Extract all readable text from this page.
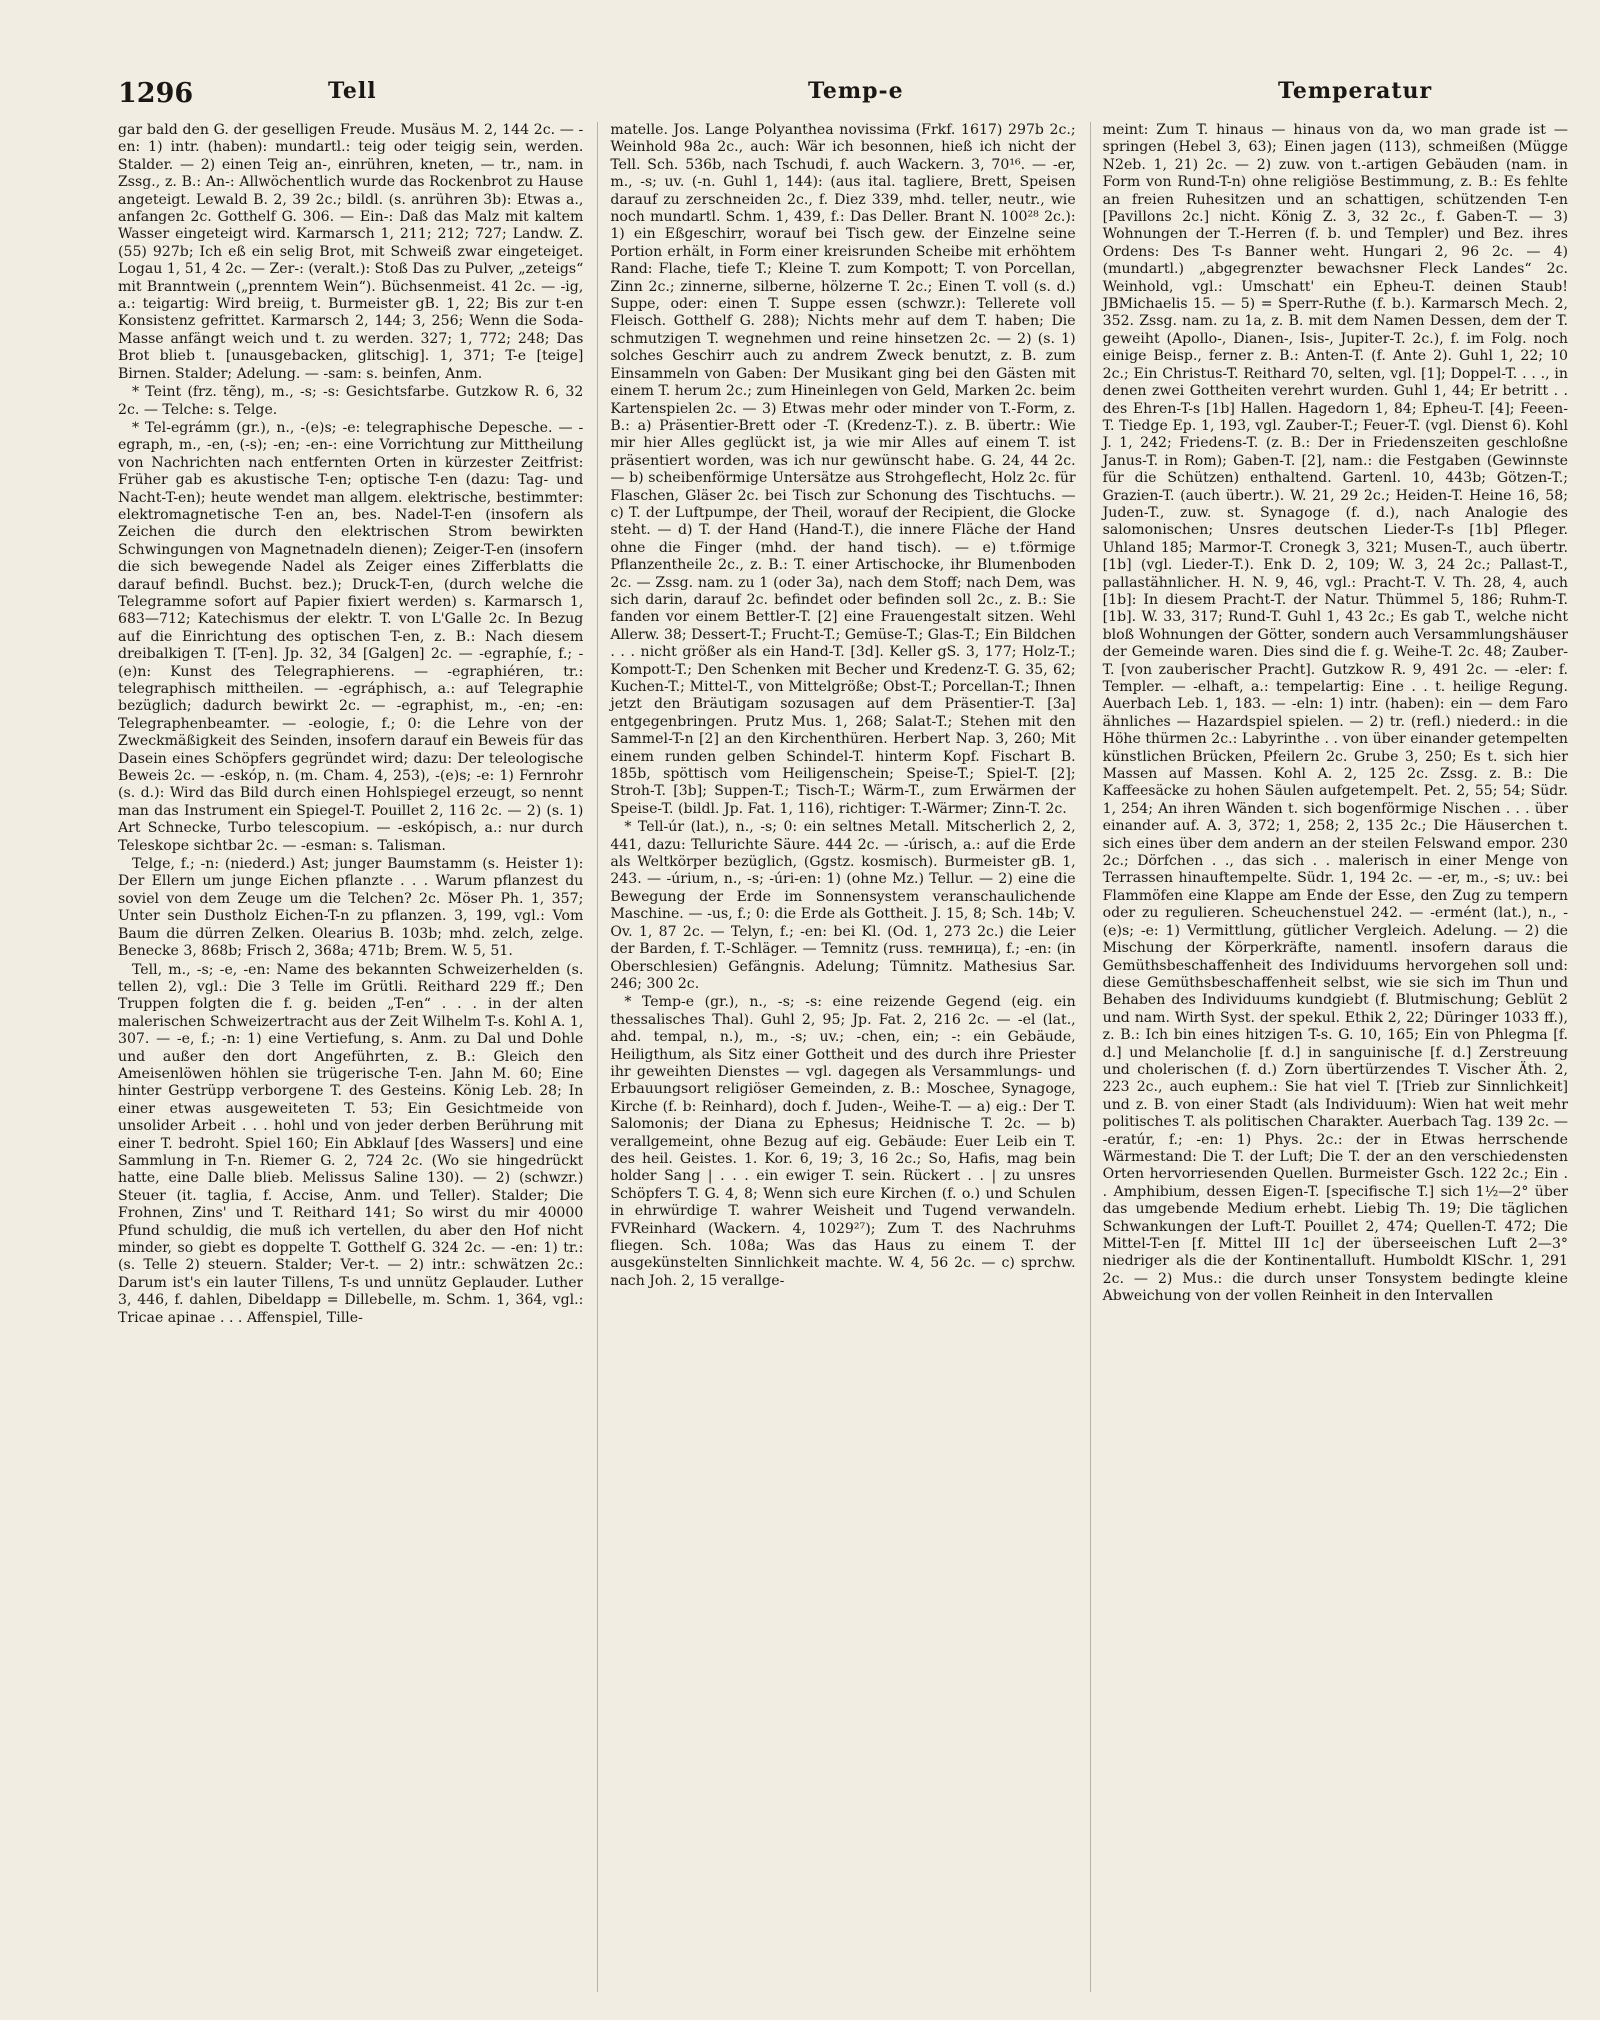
1296	Tell	Temp-e	Temperatur

gar bald den G. der geselligen Freude. Musäus M. 2, 144 2c. — -en: 1) intr. (haben): mundartl.: teig oder teigig sein, werden. Stalder. — 2) einen Teig an-, einrühren, kneten, — tr., nam. in Zssg., z. B.: An-: Allwöchentlich wurde das Rockenbrot zu Hause angeteigt. Lewald B. 2, 39 2c.; bildl. (s. anrühren 3b): Etwas a., anfangen 2c. Gotthelf G. 306. — Ein-: Daß das Malz mit kaltem Wasser eingeteigt wird. Karmarsch 1, 211; 212; 727; Landw. Z. (55) 927b; Ich eß ein selig Brot, mit Schweiß zwar eingeteiget. Logau 1, 51, 4 2c. — Zer-: (veralt.): Stoß Das zu Pulver, „zeteigs“ mit Branntwein („prenntem Wein“). Büchsenmeist. 41 2c. — -ig, a.: teigartig: Wird breiig, t. Burmeister gB. 1, 22; Bis zur t-en Konsistenz gefrittet. Karmarsch 2, 144; 3, 256; Wenn die Soda-Masse anfängt weich und t. zu werden. 327; 1, 772; 248; Das Brot blieb t. [unausgebacken, glitschig]. 1, 371; T-e [teige] Birnen. Stalder; Adelung. — -sam: s. beinfen, Anm.

* Teint (frz. tẽng), m., -s; -s: Gesichtsfarbe. Gutzkow R. 6, 32 2c. — Telche: s. Telge.

* Tel-egrámm (gr.), n., -(e)s; -e: telegraphische Depesche. — -egraph, m., -en, (-s); -en; -en-: eine Vorrichtung zur Mittheilung von Nachrichten nach entfernten Orten in kürzester Zeitfrist: Früher gab es akustische T-en; optische T-en (dazu: Tag- und Nacht-T-en); heute wendet man allgem. elektrische, bestimmter: elektromagnetische T-en an, bes. Nadel-T-en (insofern als Zeichen die durch den elektrischen Strom bewirkten Schwingungen von Magnetnadeln dienen); Zeiger-T-en (insofern die sich bewegende Nadel als Zeiger eines Zifferblatts die darauf befindl. Buchst. bez.); Druck-T-en, (durch welche die Telegramme sofort auf Papier fixiert werden) s. Karmarsch 1, 683—712; Katechismus der elektr. T. von L'Galle 2c. In Bezug auf die Einrichtung des optischen T-en, z. B.: Nach diesem dreibalkigen T. [T-en]. Jp. 32, 34 [Galgen] 2c. — -egraphíe, f.; -(e)n: Kunst des Telegraphierens. — -egraphiéren, tr.: telegraphisch mittheilen. — -egráphisch, a.: auf Telegraphie bezüglich; dadurch bewirkt 2c. — -egraphist, m., -en; -en: Telegraphenbeamter. — -eologie, f.; 0: die Lehre von der Zweckmäßigkeit des Seinden, insofern darauf ein Beweis für das Dasein eines Schöpfers gegründet wird; dazu: Der teleologische Beweis 2c. — -eskóp, n. (m. Cham. 4, 253), -(e)s; -e: 1) Fernrohr (s. d.): Wird das Bild durch einen Hohlspiegel erzeugt, so nennt man das Instrument ein Spiegel-T. Pouillet 2, 116 2c. — 2) (s. 1) Art Schnecke, Turbo telescopium. — -eskópisch, a.: nur durch Teleskope sichtbar 2c. — -esman: s. Talisman.

Telge, f.; -n: (niederd.) Ast; junger Baumstamm (s. Heister 1): Der Ellern um junge Eichen pflanzte . . . Warum pflanzest du soviel von dem Zeuge um die Telchen? 2c. Möser Ph. 1, 357; Unter sein Dustholz Eichen-T-n zu pflanzen. 3, 199, vgl.: Vom Baum die dürren Zelken. Olearius B. 103b; mhd. zelch, zelge. Benecke 3, 868b; Frisch 2, 368a; 471b; Brem. W. 5, 51.

Tell, m., -s; -e, -en: Name des bekannten Schweizerhelden (s. tellen 2), vgl.: Die 3 Telle im Grütli. Reithard 229 ff.; Den Truppen folgten die f. g. beiden „T-en“ . . . in der alten malerischen Schweizertracht aus der Zeit Wilhelm T-s. Kohl A. 1, 307. — -e, f.; -n: 1) eine Vertiefung, s. Anm. zu Dal und Dohle und außer den dort Angeführten, z. B.: Gleich den Ameisenlöwen höhlen sie trügerische T-en. Jahn M. 60; Eine hinter Gestrüpp verborgene T. des Gesteins. König Leb. 28; In einer etwas ausgeweiteten T. 53; Ein Gesichtmeide von unsolider Arbeit . . . hohl und von jeder derben Berührung mit einer T. bedroht. Spiel 160; Ein Abklauf [des Wassers] und eine Sammlung in T-n. Riemer G. 2, 724 2c. (Wo sie hingedrückt hatte, eine Dalle blieb. Melissus Saline 130). — 2) (schwzr.) Steuer (it. taglia, f. Accise, Anm. und Teller). Stalder; Die Frohnen, Zins' und T. Reithard 141; So wirst du mir 40000 Pfund schuldig, die muß ich vertellen, du aber den Hof nicht minder, so giebt es doppelte T. Gotthelf G. 324 2c. — -en: 1) tr.: (s. Telle 2) steuern. Stalder; Ver-t. — 2) intr.: schwätzen 2c.: Darum ist's ein lauter Tillens, T-s und unnütz Geplauder. Luther 3, 446, f. dahlen, Dibeldapp = Dillebelle, m. Schm. 1, 364, vgl.: Tricae apinae . . . Affenspiel, Tille-

matelle. Jos. Lange Polyanthea novissima (Frkf. 1617) 297b 2c.; Weinhold 98a 2c., auch: Wär ich besonnen, hieß ich nicht der Tell. Sch. 536b, nach Tschudi, f. auch Wackern. 3, 70¹⁶. — -er, m., -s; uv. (-n. Guhl 1, 144): (aus ital. tagliere, Brett, Speisen darauf zu zerschneiden 2c., f. Diez 339, mhd. teller, neutr., wie noch mundartl. Schm. 1, 439, f.: Das Deller. Brant N. 100²⁸ 2c.): 1) ein Eßgeschirr, worauf bei Tisch gew. der Einzelne seine Portion erhält, in Form einer kreisrunden Scheibe mit erhöhtem Rand: Flache, tiefe T.; Kleine T. zum Kompott; T. von Porcellan, Zinn 2c.; zinnerne, silberne, hölzerne T. 2c.; Einen T. voll (s. d.) Suppe, oder: einen T. Suppe essen (schwzr.): Tellerete voll Fleisch. Gotthelf G. 288); Nichts mehr auf dem T. haben; Die schmutzigen T. wegnehmen und reine hinsetzen 2c. — 2) (s. 1) solches Geschirr auch zu andrem Zweck benutzt, z. B. zum Einsammeln von Gaben: Der Musikant ging bei den Gästen mit einem T. herum 2c.; zum Hineinlegen von Geld, Marken 2c. beim Kartenspielen 2c. — 3) Etwas mehr oder minder von T.-Form, z. B.: a) Präsentier-Brett oder -T. (Kredenz-T.). z. B. übertr.: Wie mir hier Alles geglückt ist, ja wie mir Alles auf einem T. ist präsentiert worden, was ich nur gewünscht habe. G. 24, 44 2c. — b) scheibenförmige Untersätze aus Strohgeflecht, Holz 2c. für Flaschen, Gläser 2c. bei Tisch zur Schonung des Tischtuchs. — c) T. der Luftpumpe, der Theil, worauf der Recipient, die Glocke steht. — d) T. der Hand (Hand-T.), die innere Fläche der Hand ohne die Finger (mhd. der hand tisch). — e) t.förmige Pflanzentheile 2c., z. B.: T. einer Artischocke, ihr Blumenboden 2c. — Zssg. nam. zu 1 (oder 3a), nach dem Stoff; nach Dem, was sich darin, darauf 2c. befindet oder befinden soll 2c., z. B.: Sie fanden vor einem Bettler-T. [2] eine Frauengestalt sitzen. Wehl Allerw. 38; Dessert-T.; Frucht-T.; Gemüse-T.; Glas-T.; Ein Bildchen . . . nicht größer als ein Hand-T. [3d]. Keller gS. 3, 177; Holz-T.; Kompott-T.; Den Schenken mit Becher und Kredenz-T. G. 35, 62; Kuchen-T.; Mittel-T., von Mittelgröße; Obst-T.; Porcellan-T.; Ihnen jetzt den Bräutigam sozusagen auf dem Präsentier-T. [3a] entgegenbringen. Prutz Mus. 1, 268; Salat-T.; Stehen mit den Sammel-T-n [2] an den Kirchenthüren. Herbert Nap. 3, 260; Mit einem runden gelben Schindel-T. hinterm Kopf. Fischart B. 185b, spöttisch vom Heiligenschein; Speise-T.; Spiel-T. [2]; Stroh-T. [3b]; Suppen-T.; Tisch-T.; Wärm-T., zum Erwärmen der Speise-T. (bildl. Jp. Fat. 1, 116), richtiger: T.-Wärmer; Zinn-T. 2c.

* Tell-úr (lat.), n., -s; 0: ein seltnes Metall. Mitscherlich 2, 2, 441, dazu: Tellurichte Säure. 444 2c. — -úrisch, a.: auf die Erde als Weltkörper bezüglich, (Ggstz. kosmisch). Burmeister gB. 1, 243. — -úrium, n., -s; -úri-en: 1) (ohne Mz.) Tellur. — 2) eine die Bewegung der Erde im Sonnensystem veranschaulichende Maschine. — -us, f.; 0: die Erde als Gottheit. J. 15, 8; Sch. 14b; V. Ov. 1, 87 2c. — Telyn, f.; -en: bei Kl. (Od. 1, 273 2c.) die Leier der Barden, f. T.-Schläger. — Temnitz (russ. темница), f.; -en: (in Oberschlesien) Gefängnis. Adelung; Tümnitz. Mathesius Sar. 246; 300 2c.

* Temp-e (gr.), n., -s; -s: eine reizende Gegend (eig. ein thessalisches Thal). Guhl 2, 95; Jp. Fat. 2, 216 2c. — -el (lat., ahd. tempal, n.), m., -s; uv.; -chen, ein; -: ein Gebäude, Heiligthum, als Sitz einer Gottheit und des durch ihre Priester ihr geweihten Dienstes — vgl. dagegen als Versammlungs- und Erbauungsort religiöser Gemeinden, z. B.: Moschee, Synagoge, Kirche (f. b: Reinhard), doch f. Juden-, Weihe-T. — a) eig.: Der T. Salomonis; der Diana zu Ephesus; Heidnische T. 2c. — b) verallgemeint, ohne Bezug auf eig. Gebäude: Euer Leib ein T. des heil. Geistes. 1. Kor. 6, 19; 3, 16 2c.; So, Hafis, mag bein holder Sang | . . . ein ewiger T. sein. Rückert . . | zu unsres Schöpfers T. G. 4, 8; Wenn sich eure Kirchen (f. o.) und Schulen in ehrwürdige T. wahrer Weisheit und Tugend verwandeln. FVReinhard (Wackern. 4, 1029²⁷); Zum T. des Nachruhms fliegen. Sch. 108a; Was das Haus zu einem T. der ausgekünstelten Sinnlichkeit machte. W. 4, 56 2c. — c) sprchw. nach Joh. 2, 15 verallge-

meint: Zum T. hinaus — hinaus von da, wo man grade ist — springen (Hebel 3, 63); Einen jagen (113), schmeißen (Mügge N2eb. 1, 21) 2c. — 2) zuw. von t.-artigen Gebäuden (nam. in Form von Rund-T-n) ohne religiöse Bestimmung, z. B.: Es fehlte an freien Ruhesitzen und an schattigen, schützenden T-en [Pavillons 2c.] nicht. König Z. 3, 32 2c., f. Gaben-T. — 3) Wohnungen der T.-Herren (f. b. und Templer) und Bez. ihres Ordens: Des T-s Banner weht. Hungari 2, 96 2c. — 4) (mundartl.) „abgegrenzter bewachsner Fleck Landes“ 2c. Weinhold, vgl.: Umschatt' ein Epheu-T. deinen Staub! JBMichaelis 15. — 5) = Sperr-Ruthe (f. b.). Karmarsch Mech. 2, 352. Zssg. nam. zu 1a, z. B. mit dem Namen Dessen, dem der T. geweiht (Apollo-, Dianen-, Isis-, Jupiter-T. 2c.), f. im Folg. noch einige Beisp., ferner z. B.: Anten-T. (f. Ante 2). Guhl 1, 22; 10 2c.; Ein Christus-T. Reithard 70, selten, vgl. [1]; Doppel-T. . . ., in denen zwei Gottheiten verehrt wurden. Guhl 1, 44; Er betritt . . des Ehren-T-s [1b] Hallen. Hagedorn 1, 84; Epheu-T. [4]; Feeen-T. Tiedge Ep. 1, 193, vgl. Zauber-T.; Feuer-T. (vgl. Dienst 6). Kohl J. 1, 242; Friedens-T. (z. B.: Der in Friedenszeiten geschloßne Janus-T. in Rom); Gaben-T. [2], nam.: die Festgaben (Gewinnste für die Schützen) enthaltend. Gartenl. 10, 443b; Götzen-T.; Grazien-T. (auch übertr.). W. 21, 29 2c.; Heiden-T. Heine 16, 58; Juden-T., zuw. st. Synagoge (f. d.), nach Analogie des salomonischen; Unsres deutschen Lieder-T-s [1b] Pfleger. Uhland 185; Marmor-T. Cronegk 3, 321; Musen-T., auch übertr. [1b] (vgl. Lieder-T.). Enk D. 2, 109; W. 3, 24 2c.; Pallast-T., pallastähnlicher. H. N. 9, 46, vgl.: Pracht-T. V. Th. 28, 4, auch [1b]: In diesem Pracht-T. der Natur. Thümmel 5, 186; Ruhm-T. [1b]. W. 33, 317; Rund-T. Guhl 1, 43 2c.; Es gab T., welche nicht bloß Wohnungen der Götter, sondern auch Versammlungshäuser der Gemeinde waren. Dies sind die f. g. Weihe-T. 2c. 48; Zauber-T. [von zauberischer Pracht]. Gutzkow R. 9, 491 2c. — -eler: f. Templer. — -elhaft, a.: tempelartig: Eine . . t. heilige Regung. Auerbach Leb. 1, 183. — -eln: 1) intr. (haben): ein — dem Faro ähnliches — Hazardspiel spielen. — 2) tr. (refl.) niederd.: in die Höhe thürmen 2c.: Labyrinthe . . von über einander getempelten künstlichen Brücken, Pfeilern 2c. Grube 3, 250; Es t. sich hier Massen auf Massen. Kohl A. 2, 125 2c. Zssg. z. B.: Die Kaffeesäcke zu hohen Säulen aufgetempelt. Pet. 2, 55; 54; Südr. 1, 254; An ihren Wänden t. sich bogenförmige Nischen . . . über einander auf. A. 3, 372; 1, 258; 2, 135 2c.; Die Häuserchen t. sich eines über dem andern an der steilen Felswand empor. 230 2c.; Dörfchen . ., das sich . . malerisch in einer Menge von Terrassen hinauftempelte. Südr. 1, 194 2c. — -er, m., -s; uv.: bei Flammöfen eine Klappe am Ende der Esse, den Zug zu tempern oder zu regulieren. Scheuchenstuel 242. — -ermént (lat.), n., -(e)s; -e: 1) Vermittlung, gütlicher Vergleich. Adelung. — 2) die Mischung der Körperkräfte, namentl. insofern daraus die Gemüthsbeschaffenheit des Individuums hervorgehen soll und: diese Gemüthsbeschaffenheit selbst, wie sie sich im Thun und Behaben des Individuums kundgiebt (f. Blutmischung; Geblüt 2 und nam. Wirth Syst. der spekul. Ethik 2, 22; Düringer 1033 ff.), z. B.: Ich bin eines hitzigen T-s. G. 10, 165; Ein von Phlegma [f. d.] und Melancholie [f. d.] in sanguinische [f. d.] Zerstreuung und cholerischen (f. d.) Zorn übertürzendes T. Vischer Äth. 2, 223 2c., auch euphem.: Sie hat viel T. [Trieb zur Sinnlichkeit] und z. B. von einer Stadt (als Individuum): Wien hat weit mehr politisches T. als politischen Charakter. Auerbach Tag. 139 2c. — -eratúr, f.; -en: 1) Phys. 2c.: der in Etwas herrschende Wärmestand: Die T. der Luft; Die T. der an den verschiedensten Orten hervorriesenden Quellen. Burmeister Gsch. 122 2c.; Ein . . Amphibium, dessen Eigen-T. [specifische T.] sich 1½—2° über das umgebende Medium erhebt. Liebig Th. 19; Die täglichen Schwankungen der Luft-T. Pouillet 2, 474; Quellen-T. 472; Die Mittel-T-en [f. Mittel III 1c] der überseeischen Luft 2—3° niedriger als die der Kontinentalluft. Humboldt KlSchr. 1, 291 2c. — 2) Mus.: die durch unser Tonsystem bedingte kleine Abweichung von der vollen Reinheit in den Intervallen
